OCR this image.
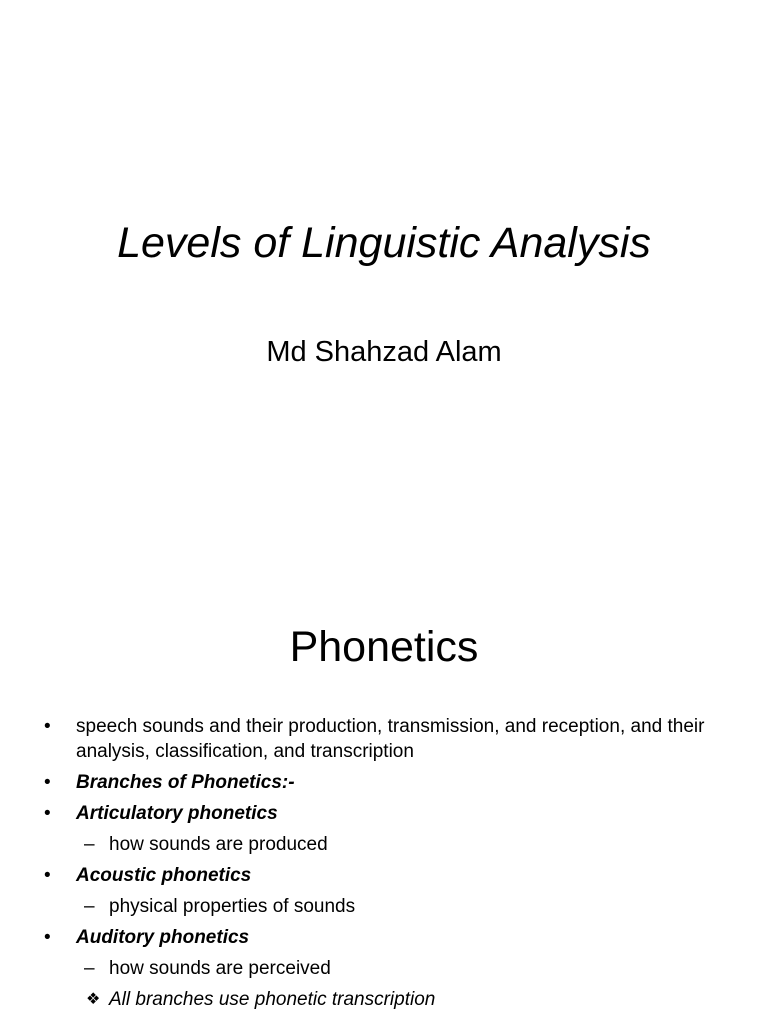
Levels of Linguistic Analysis
Md Shahzad Alam
Phonetics
• speech sounds and their production, transmission, and reception, and their analysis, classification, and transcription
• Branches of Phonetics:-
• Articulatory phonetics
– how sounds are produced
• Acoustic phonetics
– physical properties of sounds
• Auditory phonetics
– how sounds are perceived
❖ All branches use phonetic transcription
